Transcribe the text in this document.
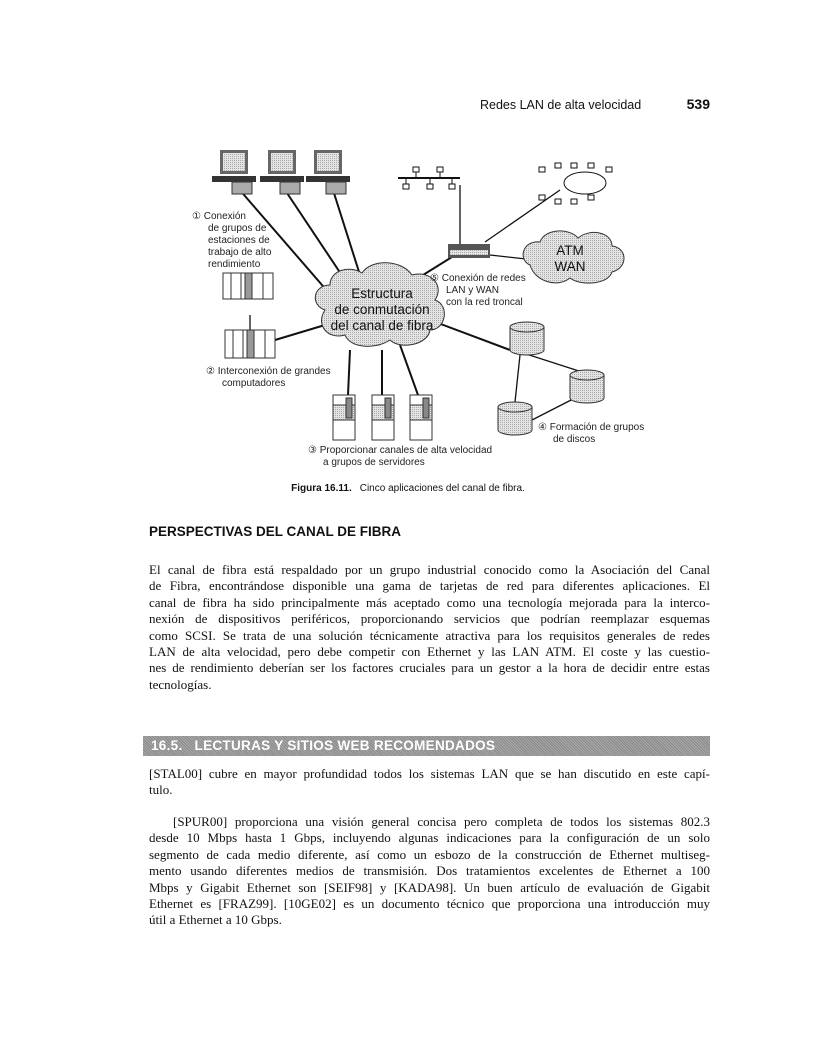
Redes LAN de alta velocidad	539
ATM
WAN
Estructura
de conmutación
del canal de fibra
① Conexión
de grupos de
estaciones de
trabajo de alto
rendimiento
② Interconexión de grandes
computadores
③ Proporcionar canales de alta velocidad
a grupos de servidores
④ Formación de grupos
de discos
⑤ Conexión de redes
LAN y WAN
con la red troncal
Figura 16.11. Cinco aplicaciones del canal de fibra.
PERSPECTIVAS DEL CANAL DE FIBRA
El canal de fibra está respaldado por un grupo industrial conocido como la Asociación del Canal
de Fibra, encontrándose disponible una gama de tarjetas de red para diferentes aplicaciones. El
canal de fibra ha sido principalmente más aceptado como una tecnología mejorada para la interco-
nexión de dispositivos periféricos, proporcionando servicios que podrían reemplazar esquemas
como SCSI. Se trata de una solución técnicamente atractiva para los requisitos generales de redes
LAN de alta velocidad, pero debe competir con Ethernet y las LAN ATM. El coste y las cuestio-
nes de rendimiento deberían ser los factores cruciales para un gestor a la hora de decidir entre estas
tecnologías.
16.5. LECTURAS Y SITIOS WEB RECOMENDADOS
[STAL00] cubre en mayor profundidad todos los sistemas LAN que se han discutido en este capí-
tulo.
[SPUR00] proporciona una visión general concisa pero completa de todos los sistemas 802.3
desde 10 Mbps hasta 1 Gbps, incluyendo algunas indicaciones para la configuración de un solo
segmento de cada medio diferente, así como un esbozo de la construcción de Ethernet multiseg-
mento usando diferentes medios de transmisión. Dos tratamientos excelentes de Ethernet a 100
Mbps y Gigabit Ethernet son [SEIF98] y [KADA98]. Un buen artículo de evaluación de Gigabit
Ethernet es [FRAZ99]. [10GE02] es un documento técnico que proporciona una introducción muy
útil a Ethernet a 10 Gbps.
